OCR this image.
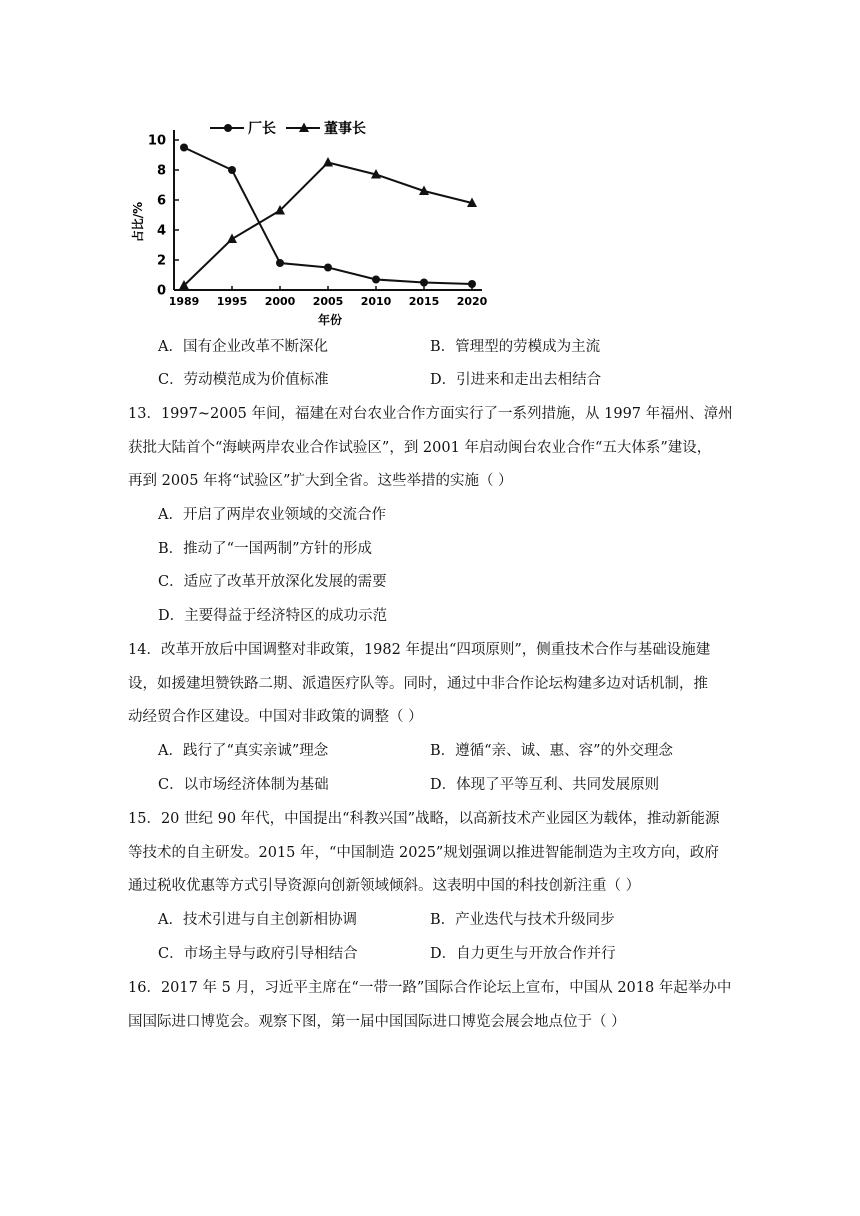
0
2
4
6
8
10
1989 1995 2000 2005 2010 2015 2020
厂长	董事长
占比/%
年份
A．国有企业改革不断深化	B．管理型的劳模成为主流
C．劳动模范成为价值标准	D．引进来和走出去相结合
13．1997~2005 年间，福建在对台农业合作方面实行了一系列措施，从 1997 年福州、漳州
获批大陆首个“海峡两岸农业合作试验区”，到 2001 年启动闽台农业合作“五大体系”建设，
再到 2005 年将“试验区”扩大到全省。这些举措的实施（ ）
A．开启了两岸农业领域的交流合作
B．推动了“一国两制”方针的形成
C．适应了改革开放深化发展的需要
D．主要得益于经济特区的成功示范
14．改革开放后中国调整对非政策，1982 年提出“四项原则”，侧重技术合作与基础设施建
设，如援建坦赞铁路二期、派遣医疗队等。同时，通过中非合作论坛构建多边对话机制，推
动经贸合作区建设。中国对非政策的调整（ ）
A．践行了“真实亲诚”理念	B．遵循“亲、诚、惠、容”的外交理念
C．以市场经济体制为基础	D．体现了平等互利、共同发展原则
15．20 世纪 90 年代，中国提出“科教兴国”战略，以高新技术产业园区为载体，推动新能源
等技术的自主研发。2015 年，“中国制造 2025”规划强调以推进智能制造为主攻方向，政府
通过税收优惠等方式引导资源向创新领域倾斜。这表明中国的科技创新注重（ ）
A．技术引进与自主创新相协调	B．产业迭代与技术升级同步
C．市场主导与政府引导相结合	D．自力更生与开放合作并行
16．2017 年 5 月，习近平主席在“一带一路”国际合作论坛上宣布，中国从 2018 年起举办中
国国际进口博览会。观察下图，第一届中国国际进口博览会展会地点位于（ ）
